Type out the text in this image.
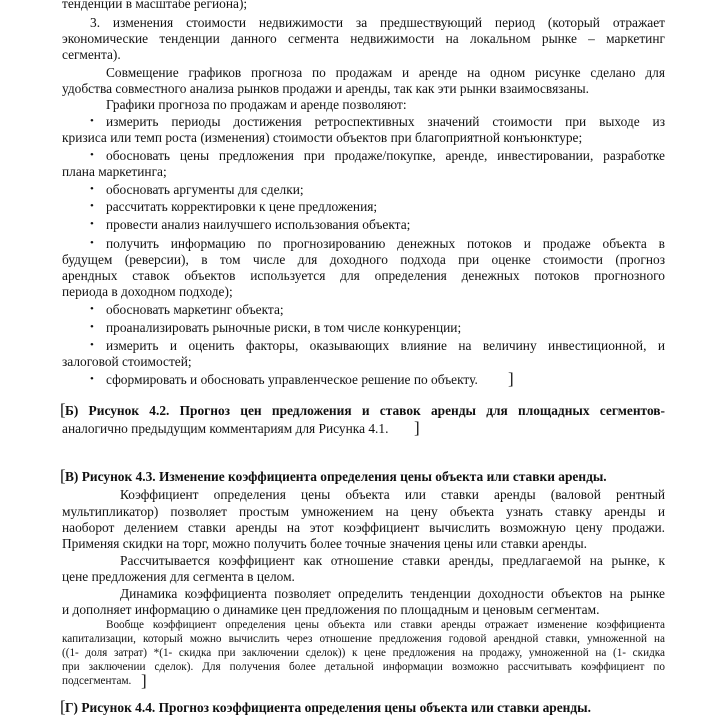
тенденции в масштабе региона);
3. изменения стоимости недвижимости за предшествующий период (который отражает
экономические тенденции данного сегмента недвижимости на локальном рынке – маркетинг
сегмента).
Совмещение графиков прогноза по продажам и аренде на одном рисунке сделано для
удобства совместного анализа рынков продажи и аренды, так как эти рынки взаимосвязаны.
Графики прогноза по продажам и аренде позволяют:
• измерить периоды достижения ретроспективных значений стоимости при выходе из
кризиса или темп роста (изменения) стоимости объектов при благоприятной конъюнктуре;
• обосновать цены предложения при продаже/покупке, аренде, инвестировании, разработке
плана маркетинга;
• обосновать аргументы для сделки;
• рассчитать корректировки к цене предложения;
• провести анализ наилучшего использования объекта;
• получить информацию по прогнозированию денежных потоков и продаже объекта в
будущем (реверсии), в том числе для доходного подхода при оценке стоимости (прогноз
арендных ставок объектов используется для определения денежных потоков прогнозного
периода в доходном подходе);
• обосновать маркетинг объекта;
• проанализировать рыночные риски, в том числе конкуренции;
• измерить и оценить факторы, оказывающих влияние на величину инвестиционной, и
залоговой стоимостей;
• сформировать и обосновать управленческое решение по объекту. ]
[ Б) Рисунок 4.2. Прогноз цен предложения и ставок аренды для площадных сегментов-
аналогично предыдущим комментариям для Рисунка 4.1. ]
[ В) Рисунок 4.3. Изменение коэффициента определения цены объекта или ставки аренды.
Коэффициент определения цены объекта или ставки аренды (валовой рентный
мультипликатор) позволяет простым умножением на цену объекта узнать ставку аренды и
наоборот делением ставки аренды на этот коэффициент вычислить возможную цену продажи.
Применяя скидки на торг, можно получить более точные значения цены или ставки аренды.
Рассчитывается коэффициент как отношение ставки аренды, предлагаемой на рынке, к
цене предложения для сегмента в целом.
Динамика коэффициента позволяет определить тенденции доходности объектов на рынке
и дополняет информацию о динамике цен предложения по площадным и ценовым сегментам.
Вообще коэффициент определения цены объекта или ставки аренды отражает изменение коэффициента
капитализации, который можно вычислить через отношение предложения годовой арендной ставки, умноженной на
((1- доля затрат) *(1- скидка при заключении сделок)) к цене предложения на продажу, умноженной на (1- скидка
при заключении сделок). Для получения более детальной информации возможно рассчитывать коэффициент по
подсегментам. ]
[ Г) Рисунок 4.4. Прогноз коэффициента определения цены объекта или ставки аренды.
